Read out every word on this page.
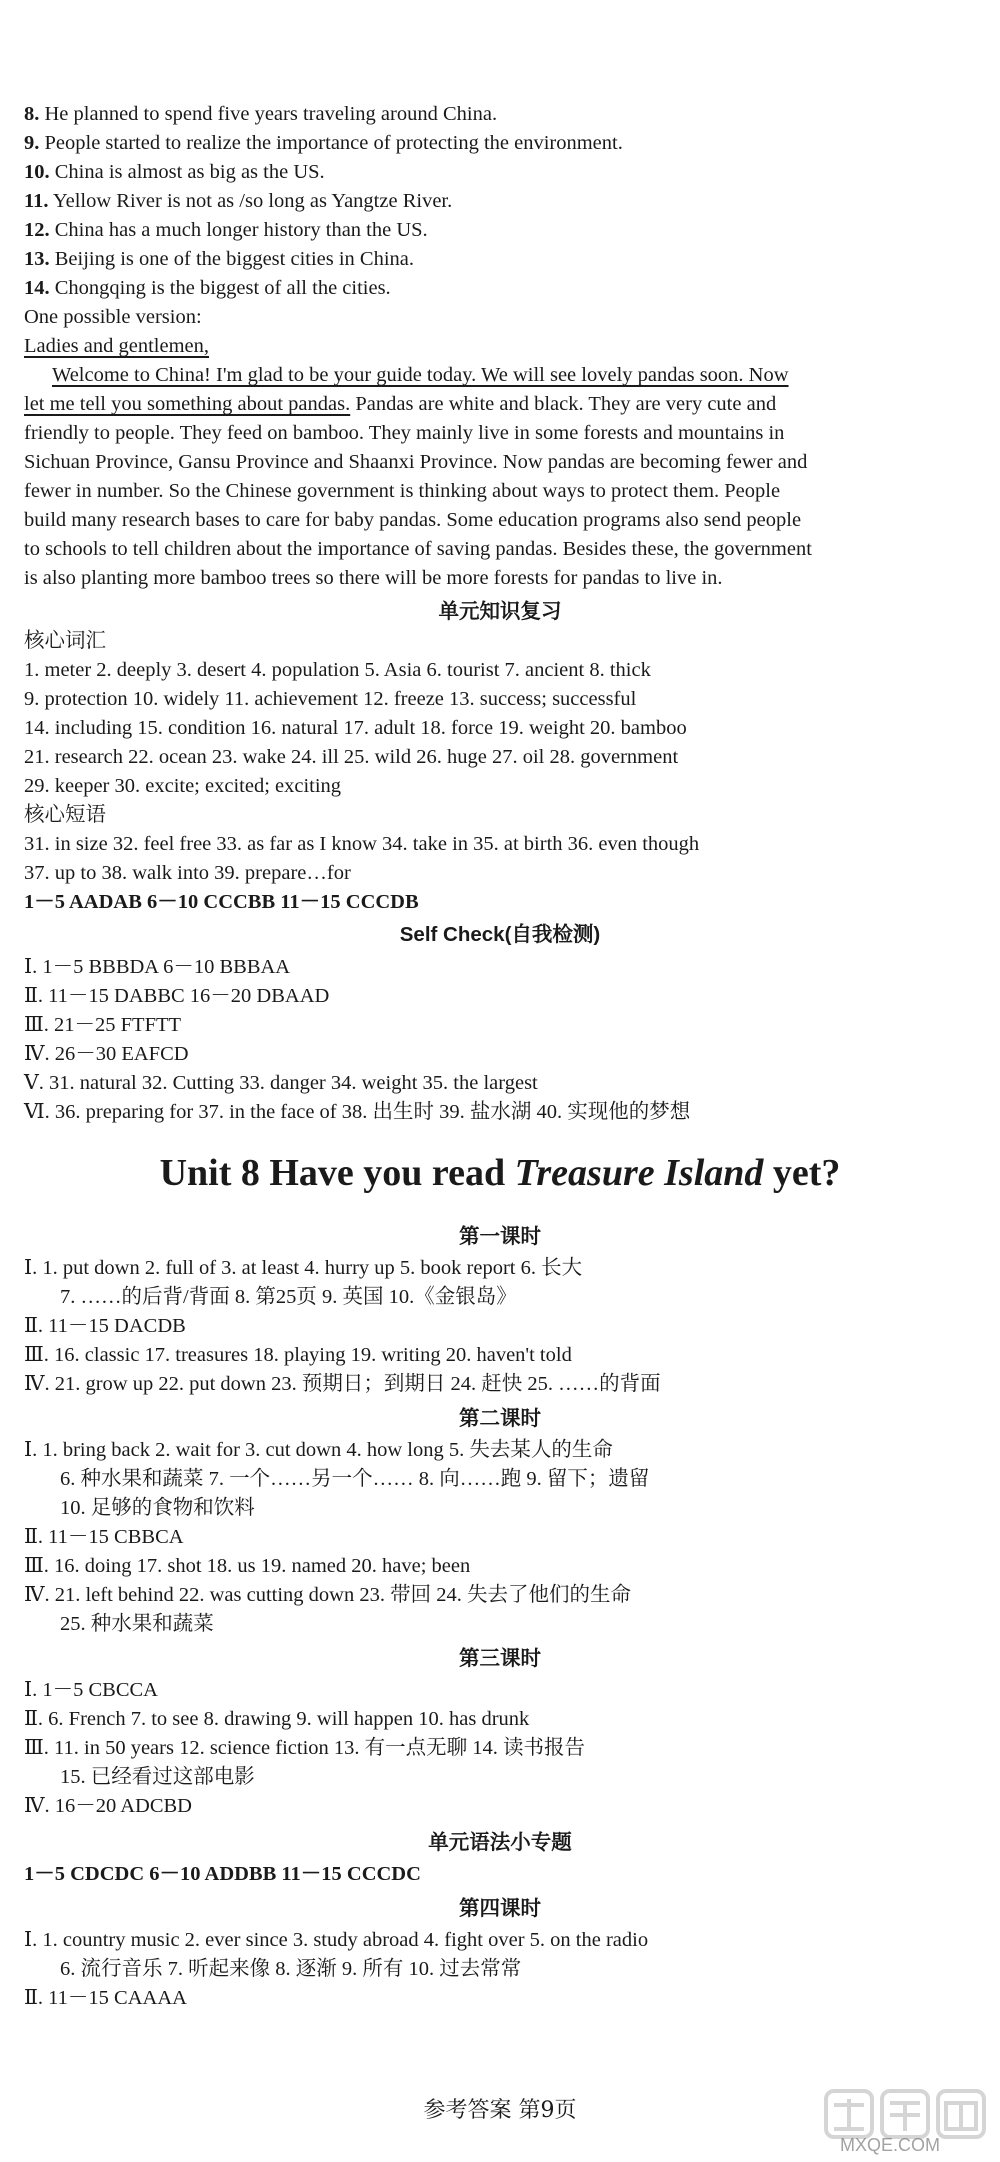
8. He planned to spend five years traveling around China.
9. People started to realize the importance of protecting the environment.
10. China is almost as big as the US.
11. Yellow River is not as /so long as Yangtze River.
12. China has a much longer history than the US.
13. Beijing is one of the biggest cities in China.
14. Chongqing is the biggest of all the cities.
One possible version:
Ladies and gentlemen,
Welcome to China! I'm glad to be your guide today. We will see lovely pandas soon. Now
let me tell you something about pandas. Pandas are white and black. They are very cute and
friendly to people. They feed on bamboo. They mainly live in some forests and mountains in
Sichuan Province, Gansu Province and Shaanxi Province. Now pandas are becoming fewer and
fewer in number. So the Chinese government is thinking about ways to protect them. People
build many research bases to care for baby pandas. Some education programs also send people
to schools to tell children about the importance of saving pandas. Besides these, the government
is also planting more bamboo trees so there will be more forests for pandas to live in.
单元知识复习
核心词汇
1. meter 2. deeply 3. desert 4. population 5. Asia 6. tourist 7. ancient 8. thick
9. protection 10. widely 11. achievement 12. freeze 13. success; successful
14. including 15. condition 16. natural 17. adult 18. force 19. weight 20. bamboo
21. research 22. ocean 23. wake 24. ill 25. wild 26. huge 27. oil 28. government
29. keeper 30. excite; excited; exciting
核心短语
31. in size 32. feel free 33. as far as I know 34. take in 35. at birth 36. even though
37. up to 38. walk into 39. prepare…for
1－5 AADAB 6－10 CCCBB 11－15 CCCDB
Self Check(自我检测)
Ⅰ. 1－5 BBBDA 6－10 BBBAA
Ⅱ. 11－15 DABBC 16－20 DBAAD
Ⅲ. 21－25 FTFTT
Ⅳ. 26－30 EAFCD
Ⅴ. 31. natural 32. Cutting 33. danger 34. weight 35. the largest
Ⅵ. 36. preparing for 37. in the face of 38. 出生时 39. 盐水湖 40. 实现他的梦想
Unit 8 Have you read Treasure Island yet?
第一课时
Ⅰ. 1. put down 2. full of 3. at least 4. hurry up 5. book report 6. 长大
7. ……的后背/背面 8. 第25页 9. 英国 10.《金银岛》
Ⅱ. 11－15 DACDB
Ⅲ. 16. classic 17. treasures 18. playing 19. writing 20. haven't told
Ⅳ. 21. grow up 22. put down 23. 预期日；到期日 24. 赶快 25. ……的背面
第二课时
Ⅰ. 1. bring back 2. wait for 3. cut down 4. how long 5. 失去某人的生命
6. 种水果和蔬菜 7. 一个……另一个…… 8. 向……跑 9. 留下；遗留
10. 足够的食物和饮料
Ⅱ. 11－15 CBBCA
Ⅲ. 16. doing 17. shot 18. us 19. named 20. have; been
Ⅳ. 21. left behind 22. was cutting down 23. 带回 24. 失去了他们的生命
25. 种水果和蔬菜
第三课时
Ⅰ. 1－5 CBCCA
Ⅱ. 6. French 7. to see 8. drawing 9. will happen 10. has drunk
Ⅲ. 11. in 50 years 12. science fiction 13. 有一点无聊 14. 读书报告
15. 已经看过这部电影
Ⅳ. 16－20 ADCBD
单元语法小专题
1－5 CDCDC 6－10 ADDBB 11－15 CCCDC
第四课时
Ⅰ. 1. country music 2. ever since 3. study abroad 4. fight over 5. on the radio
6. 流行音乐 7. 听起来像 8. 逐渐 9. 所有 10. 过去常常
Ⅱ. 11－15 CAAAA
参考答案 第9页
MXQE.COM
